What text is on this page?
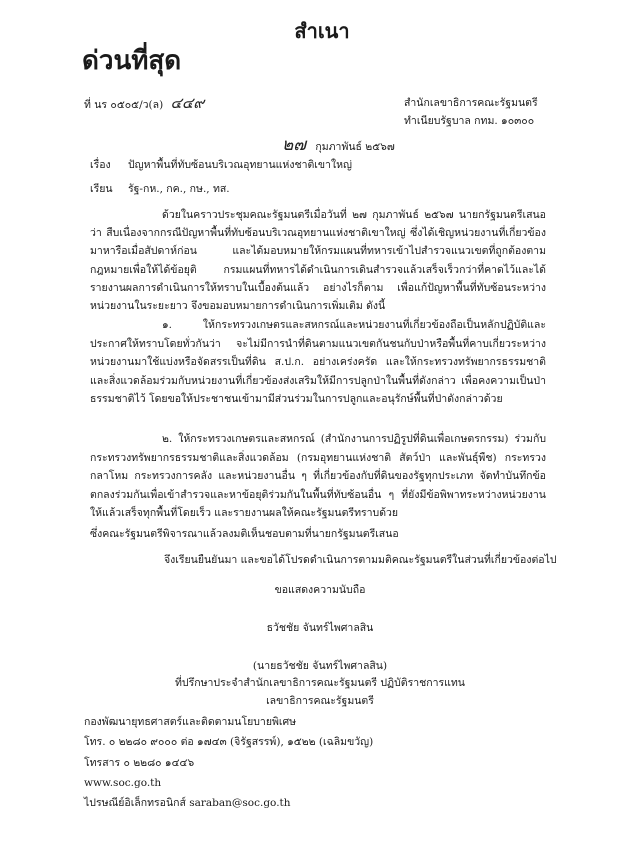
สำเนา
ด่วนที่สุด
ที่ นร ๐๕๐๕/ว(ล) ๔๔๙	สำนักเลขาธิการคณะรัฐมนตรี
ทำเนียบรัฐบาล กทม. ๑๐๓๐๐
๒๗ กุมภาพันธ์ ๒๕๖๗
เรื่อง ปัญหาพื้นที่ทับซ้อนบริเวณอุทยานแห่งชาติเขาใหญ่
เรียน รัฐ-กห., กค., กษ., ทส.
ด้วยในคราวประชุมคณะรัฐมนตรีเมื่อวันที่ ๒๗ กุมภาพันธ์ ๒๕๖๗ นายกรัฐมนตรีเสนอว่า สืบเนื่องจากกรณีปัญหาพื้นที่ทับซ้อนบริเวณอุทยานแห่งชาติเขาใหญ่ ซึ่งได้เชิญหน่วยงานที่เกี่ยวข้องมาหารือเมื่อสัปดาห์ก่อน และได้มอบหมายให้กรมแผนที่ทหารเข้าไปสำรวจแนวเขตที่ถูกต้องตามกฎหมายเพื่อให้ได้ข้อยุติ กรมแผนที่ทหารได้ดำเนินการเดินสำรวจแล้วเสร็จเร็วกว่าที่คาดไว้และได้รายงานผลการดำเนินการให้ทราบในเบื้องต้นแล้ว อย่างไรก็ตาม เพื่อแก้ปัญหาพื้นที่ทับซ้อนระหว่างหน่วยงานในระยะยาว จึงขอมอบหมายการดำเนินการเพิ่มเติม ดังนี้
๑. ให้กระทรวงเกษตรและสหกรณ์และหน่วยงานที่เกี่ยวข้องถือเป็นหลักปฏิบัติและประกาศให้ทราบโดยทั่วกันว่า จะไม่มีการนำที่ดินตามแนวเขตกันชนกับป่าหรือพื้นที่คาบเกี่ยวระหว่างหน่วยงานมาใช้แบ่งหรือจัดสรรเป็นที่ดิน ส.ป.ก. อย่างเคร่งครัด และให้กระทรวงทรัพยากรธรรมชาติและสิ่งแวดล้อมร่วมกับหน่วยงานที่เกี่ยวข้องส่งเสริมให้มีการปลูกป่าในพื้นที่ดังกล่าว เพื่อคงความเป็นป่าธรรมชาติไว้ โดยขอให้ประชาชนเข้ามามีส่วนร่วมในการปลูกและอนุรักษ์พื้นที่ป่าดังกล่าวด้วย
๒. ให้กระทรวงเกษตรและสหกรณ์ (สำนักงานการปฏิรูปที่ดินเพื่อเกษตรกรรม) ร่วมกับกระทรวงทรัพยากรธรรมชาติและสิ่งแวดล้อม (กรมอุทยานแห่งชาติ สัตว์ป่า และพันธุ์พืช) กระทรวงกลาโหม กระทรวงการคลัง และหน่วยงานอื่น ๆ ที่เกี่ยวข้องกับที่ดินของรัฐทุกประเภท จัดทำบันทึกข้อตกลงร่วมกันเพื่อเข้าสำรวจและหาข้อยุติร่วมกันในพื้นที่ทับซ้อนอื่น ๆ ที่ยังมีข้อพิพาทระหว่างหน่วยงานให้แล้วเสร็จทุกพื้นที่โดยเร็ว และรายงานผลให้คณะรัฐมนตรีทราบด้วย
ซึ่งคณะรัฐมนตรีพิจารณาแล้วลงมติเห็นชอบตามที่นายกรัฐมนตรีเสนอ
จึงเรียนยืนยันมา และขอได้โปรดดำเนินการตามมติคณะรัฐมนตรีในส่วนที่เกี่ยวข้องต่อไป
ขอแสดงความนับถือ
ธวัชชัย จันทร์ไพศาลสิน
(นายธวัชชัย จันทร์ไพศาลสิน)
ที่ปรึกษาประจำสำนักเลขาธิการคณะรัฐมนตรี ปฏิบัติราชการแทน
เลขาธิการคณะรัฐมนตรี
กองพัฒนายุทธศาสตร์และติดตามนโยบายพิเศษ
โทร. ๐ ๒๒๘๐ ๙๐๐๐ ต่อ ๑๗๔๓ (จิรัฐสรรพ์), ๑๕๒๒ (เฉลิมขวัญ)
โทรสาร ๐ ๒๒๘๐ ๑๔๔๖
www.soc.go.th
ไปรษณีย์อิเล็กทรอนิกส์ saraban@soc.go.th
